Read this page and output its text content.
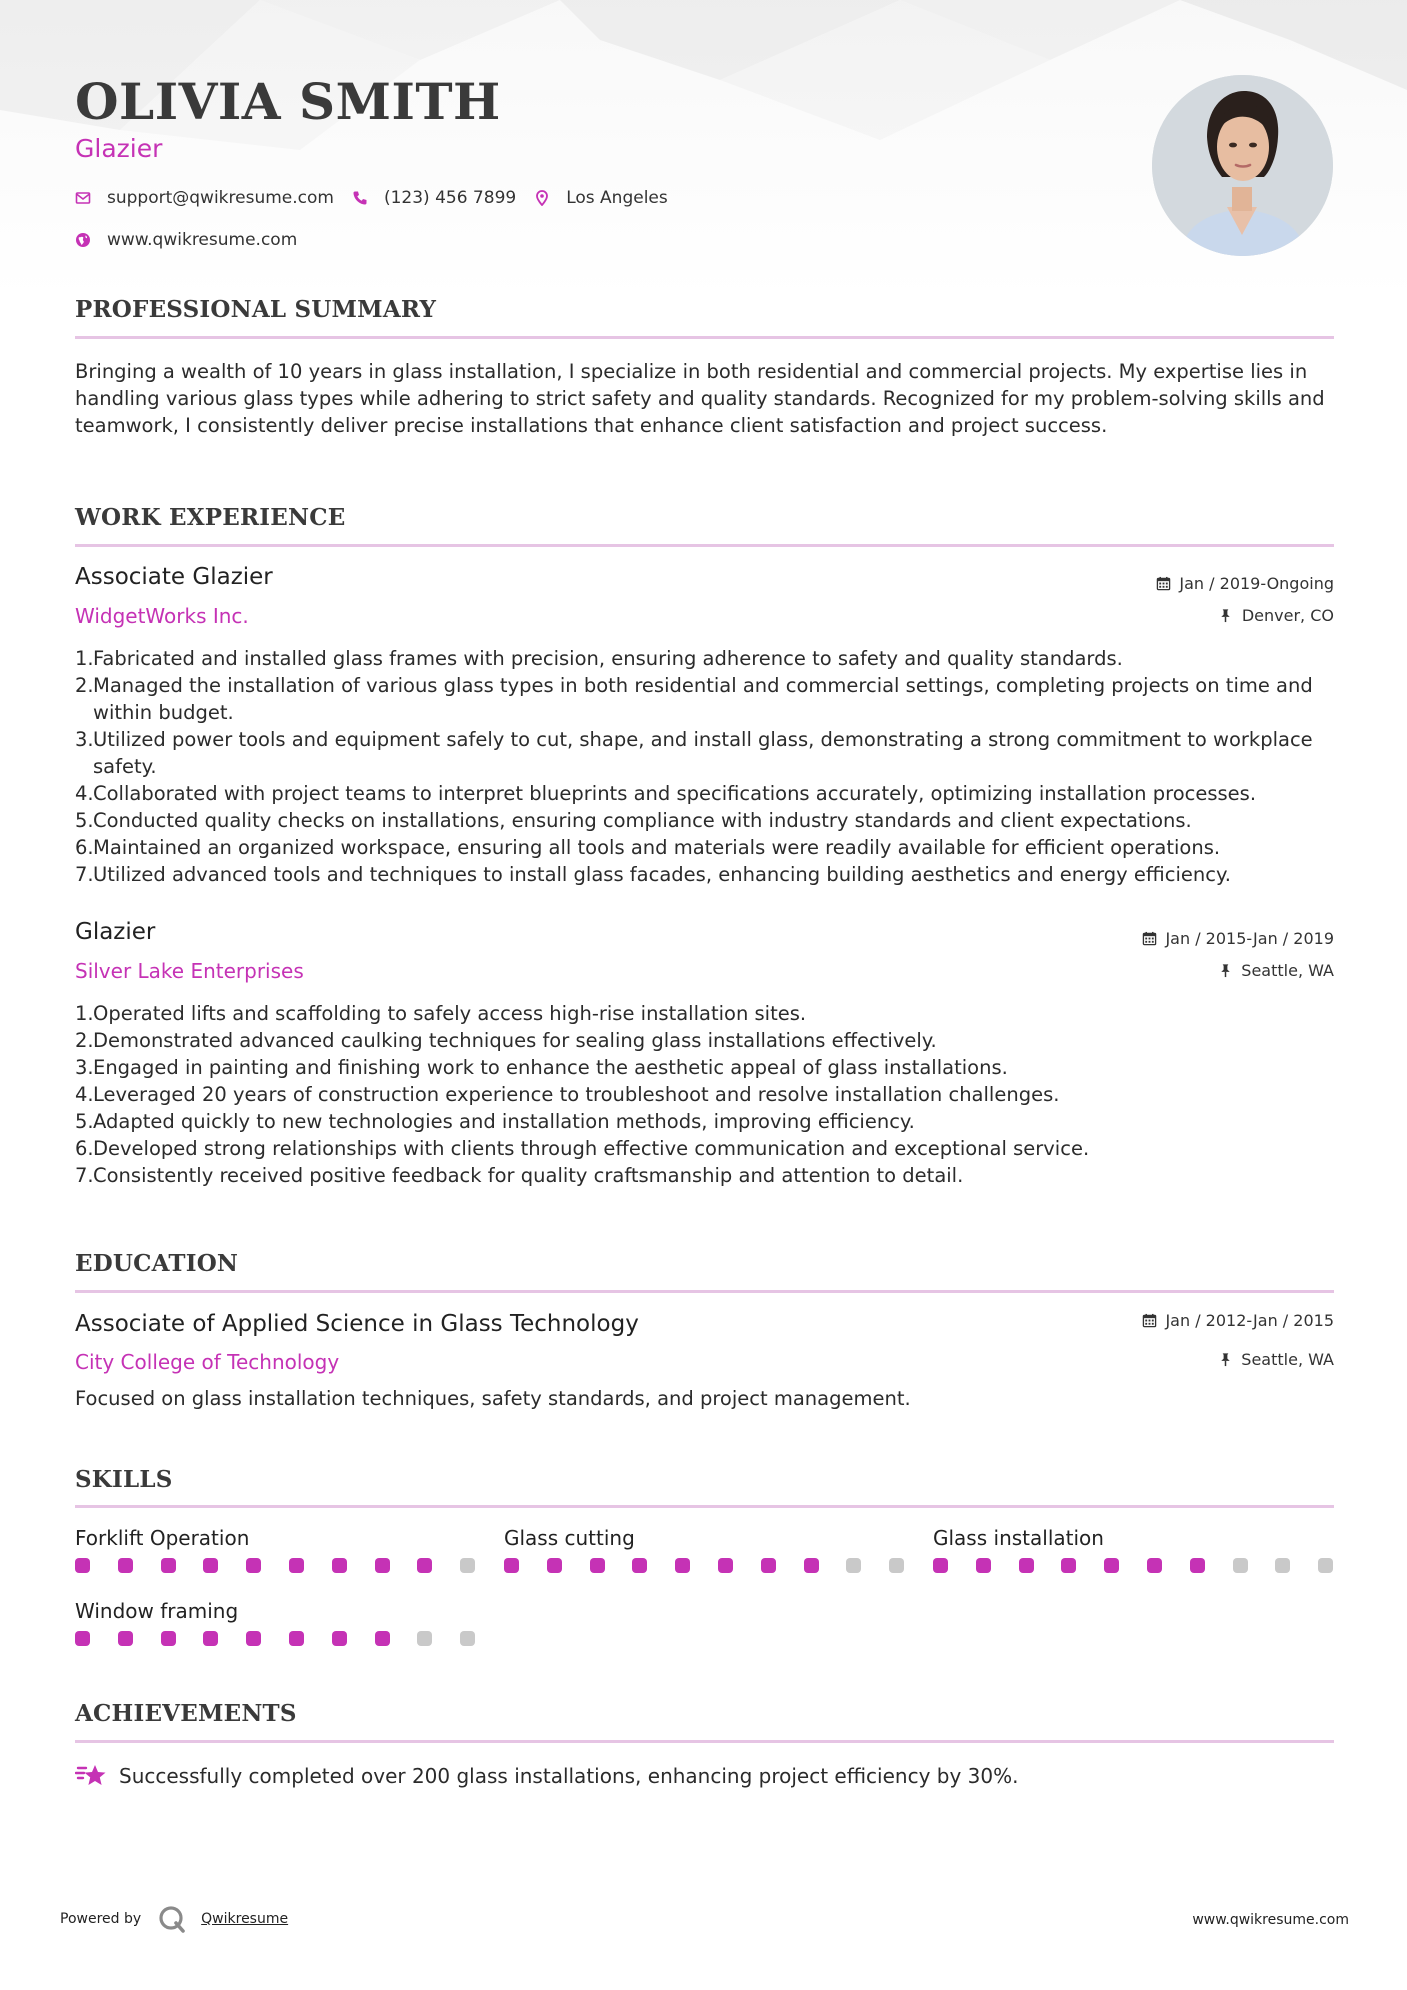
OLIVIA SMITH
Glazier
support@qwikresume.com	(123) 456 7899	Los Angeles
www.qwikresume.com
PROFESSIONAL SUMMARY
Bringing a wealth of 10 years in glass installation, I specialize in both residential and commercial projects. My expertise lies in handling various glass types while adhering to strict safety and quality standards. Recognized for my problem-solving skills and teamwork, I consistently deliver precise installations that enhance client satisfaction and project success.
WORK EXPERIENCE
Associate Glazier	Jan / 2019-Ongoing
WidgetWorks Inc.	Denver, CO
1. Fabricated and installed glass frames with precision, ensuring adherence to safety and quality standards.
2. Managed the installation of various glass types in both residential and commercial settings, completing projects on time and within budget.
3. Utilized power tools and equipment safely to cut, shape, and install glass, demonstrating a strong commitment to workplace safety.
4. Collaborated with project teams to interpret blueprints and specifications accurately, optimizing installation processes.
5. Conducted quality checks on installations, ensuring compliance with industry standards and client expectations.
6. Maintained an organized workspace, ensuring all tools and materials were readily available for efficient operations.
7. Utilized advanced tools and techniques to install glass facades, enhancing building aesthetics and energy efficiency.
Glazier	Jan / 2015-Jan / 2019
Silver Lake Enterprises	Seattle, WA
1. Operated lifts and scaffolding to safely access high-rise installation sites.
2. Demonstrated advanced caulking techniques for sealing glass installations effectively.
3. Engaged in painting and finishing work to enhance the aesthetic appeal of glass installations.
4. Leveraged 20 years of construction experience to troubleshoot and resolve installation challenges.
5. Adapted quickly to new technologies and installation methods, improving efficiency.
6. Developed strong relationships with clients through effective communication and exceptional service.
7. Consistently received positive feedback for quality craftsmanship and attention to detail.
EDUCATION
Associate of Applied Science in Glass Technology	Jan / 2012-Jan / 2015
City College of Technology	Seattle, WA
Focused on glass installation techniques, safety standards, and project management.
SKILLS
Forklift Operation	Glass cutting	Glass installation
Window framing
ACHIEVEMENTS
Successfully completed over 200 glass installations, enhancing project efficiency by 30%.
Powered by	Qwikresume	www.qwikresume.com
